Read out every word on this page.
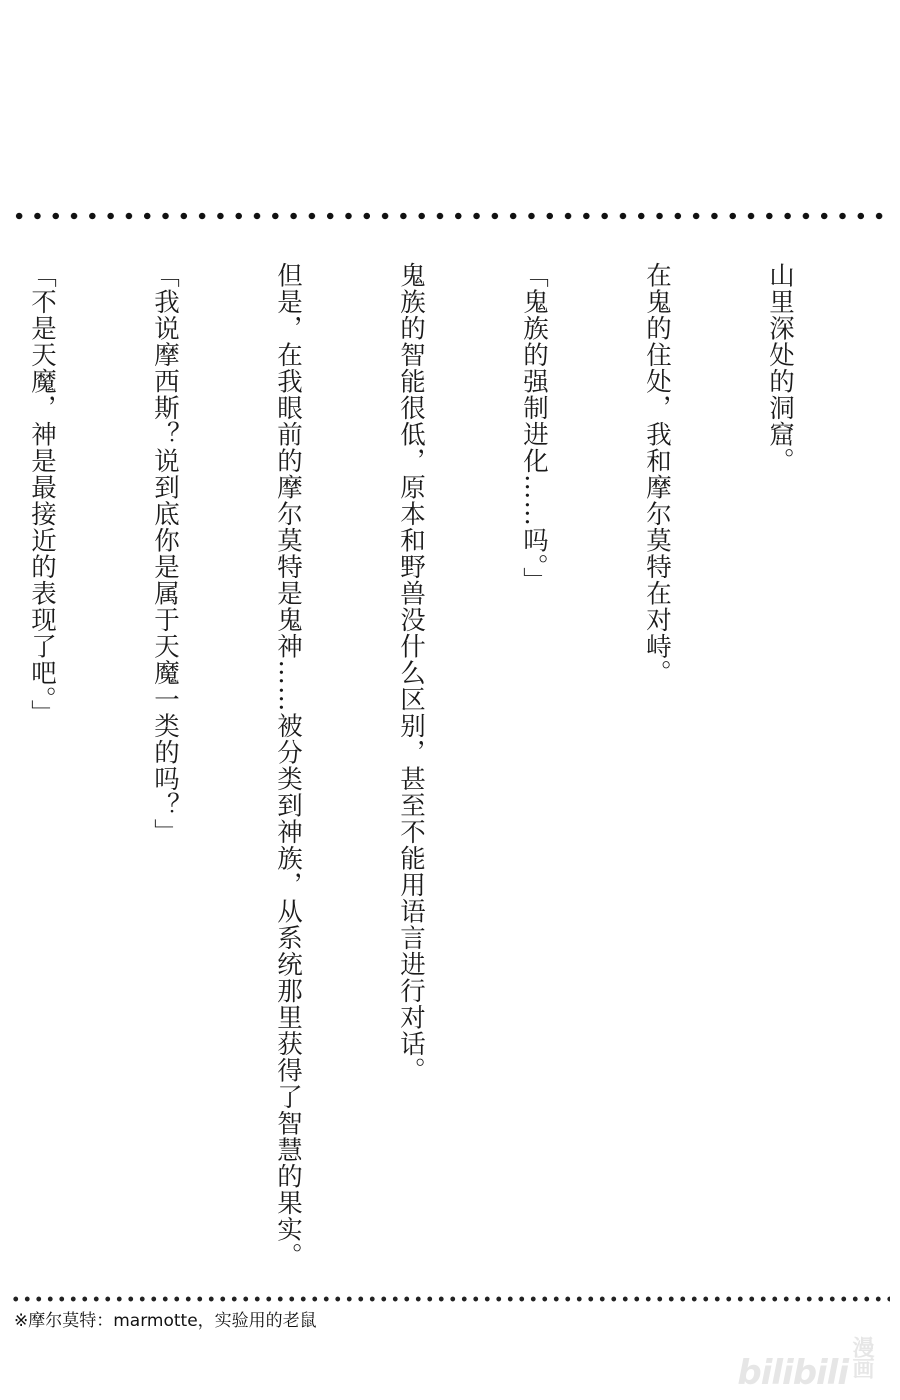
山里深处的洞窟。

在鬼的住处，我和摩尔莫特在对峙。

「鬼族的强制进化……吗。」

鬼族的智能很低，原本和野兽没什么区别，甚至不能用语言进行对话。

但是，在我眼前的摩尔莫特是鬼神……被分类到神族，从系统那里获得了智慧的果实。

「我说摩西斯？说到底你是属于天魔一类的吗？」

「不是天魔，神是最接近的表现了吧。」

※摩尔莫特：marmotte，实验用的老鼠
bilibili漫画
